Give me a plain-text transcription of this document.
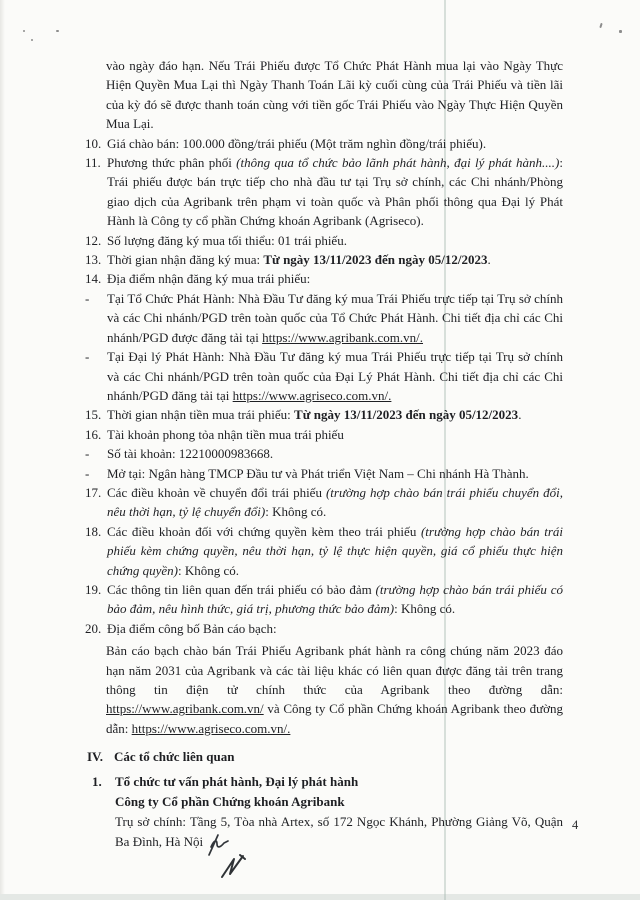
vào ngày đáo hạn. Nếu Trái Phiếu được Tổ Chức Phát Hành mua lại vào Ngày Thực Hiện Quyền Mua Lại thì Ngày Thanh Toán Lãi kỳ cuối cùng của Trái Phiếu và tiền lãi của kỳ đó sẽ được thanh toán cùng với tiền gốc Trái Phiếu vào Ngày Thực Hiện Quyền Mua Lại.
10. Giá chào bán: 100.000 đồng/trái phiếu (Một trăm nghìn đồng/trái phiếu).
11. Phương thức phân phối (thông qua tổ chức bảo lãnh phát hành, đại lý phát hành....): Trái phiếu được bán trực tiếp cho nhà đầu tư tại Trụ sở chính, các Chi nhánh/Phòng giao dịch của Agribank trên phạm vi toàn quốc và Phân phối thông qua Đại lý Phát Hành là Công ty cổ phần Chứng khoán Agribank (Agriseco).
12. Số lượng đăng ký mua tối thiểu: 01 trái phiếu.
13. Thời gian nhận đăng ký mua: Từ ngày 13/11/2023 đến ngày 05/12/2023.
14. Địa điểm nhận đăng ký mua trái phiếu:
-	Tại Tổ Chức Phát Hành: Nhà Đầu Tư đăng ký mua Trái Phiếu trực tiếp tại Trụ sở chính và các Chi nhánh/PGD trên toàn quốc của Tổ Chức Phát Hành. Chi tiết địa chỉ các Chi nhánh/PGD được đăng tải tại https://www.agribank.com.vn/.
-	Tại Đại lý Phát Hành: Nhà Đầu Tư đăng ký mua Trái Phiếu trực tiếp tại Trụ sở chính và các Chi nhánh/PGD trên toàn quốc của Đại Lý Phát Hành. Chi tiết địa chỉ các Chi nhánh/PGD đăng tải tại https://www.agriseco.com.vn/.
15. Thời gian nhận tiền mua trái phiếu: Từ ngày 13/11/2023 đến ngày 05/12/2023.
16. Tài khoản phong tỏa nhận tiền mua trái phiếu
-	Số tài khoản: 12210000983668.
-	Mở tại: Ngân hàng TMCP Đầu tư và Phát triển Việt Nam – Chi nhánh Hà Thành.
17. Các điều khoản về chuyển đổi trái phiếu (trường hợp chào bán trái phiếu chuyển đổi, nêu thời hạn, tỷ lệ chuyển đổi): Không có.
18. Các điều khoản đối với chứng quyền kèm theo trái phiếu (trường hợp chào bán trái phiếu kèm chứng quyền, nêu thời hạn, tỷ lệ thực hiện quyền, giá cổ phiếu thực hiện chứng quyền): Không có.
19. Các thông tin liên quan đến trái phiếu có bảo đảm (trường hợp chào bán trái phiếu có bảo đảm, nêu hình thức, giá trị, phương thức bảo đảm): Không có.
20. Địa điểm công bố Bản cáo bạch:
Bản cáo bạch chào bán Trái Phiếu Agribank phát hành ra công chúng năm 2023 đáo hạn năm 2031 của Agribank và các tài liệu khác có liên quan được đăng tải trên trang thông tin điện tử chính thức của Agribank theo đường dẫn: https://www.agribank.com.vn/ và Công ty Cổ phần Chứng khoán Agribank theo đường dẫn: https://www.agriseco.com.vn/.
IV. Các tổ chức liên quan
1.	Tổ chức tư vấn phát hành, Đại lý phát hành
Công ty Cổ phần Chứng khoán Agribank
Trụ sở chính: Tầng 5, Tòa nhà Artex, số 172 Ngọc Khánh, Phường Giảng Võ, Quận Ba Đình, Hà Nội
4
